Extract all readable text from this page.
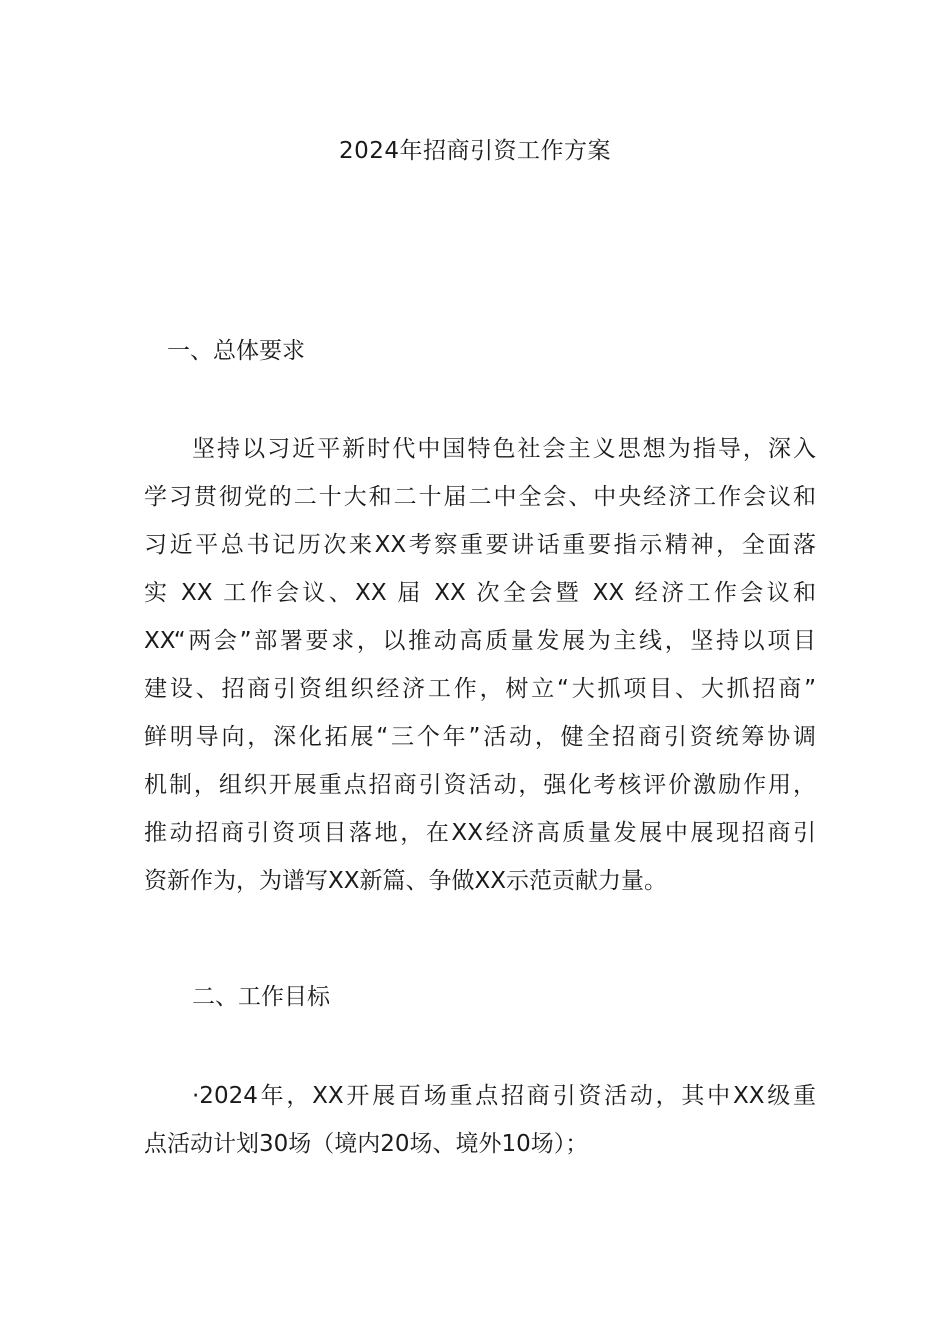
2024年招商引资工作方案
一、总体要求
坚持以习近平新时代中国特色社会主义思想为指导，深入
学习贯彻党的二十大和二十届二中全会、中央经济工作会议和
习近平总书记历次来XX考察重要讲话重要指示精神，全面落
实 XX 工作会议、XX 届 XX 次全会暨 XX 经济工作会议和
XX“两会”部署要求，以推动高质量发展为主线，坚持以项目
建设、招商引资组织经济工作，树立“大抓项目、大抓招商”
鲜明导向，深化拓展“三个年”活动，健全招商引资统筹协调
机制，组织开展重点招商引资活动，强化考核评价激励作用，
推动招商引资项目落地，在XX经济高质量发展中展现招商引
资新作为，为谱写XX新篇、争做XX示范贡献力量。
二、工作目标
·2024年，XX开展百场重点招商引资活动，其中XX级重
点活动计划30场（境内20场、境外10场）；
